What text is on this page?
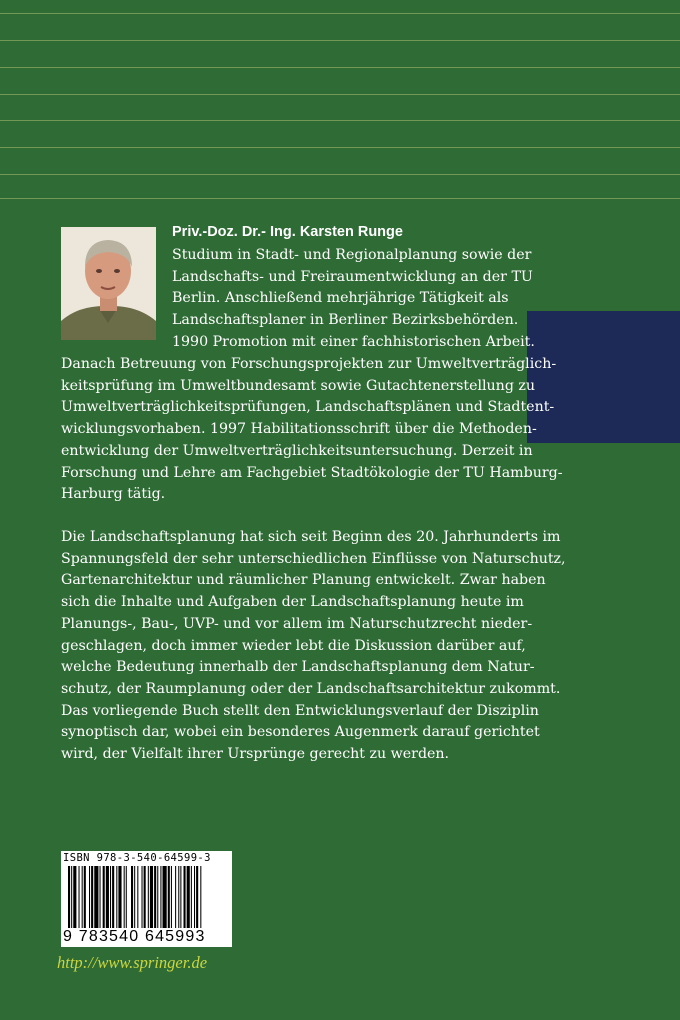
Priv.-Doz. Dr.- Ing. Karsten Runge
Studium in Stadt- und Regionalplanung sowie der
Landschafts- und Freiraumentwicklung an der TU
Berlin. Anschließend mehrjährige Tätigkeit als
Landschaftsplaner in Berliner Bezirksbehörden.
1990 Promotion mit einer fachhistorischen Arbeit.
Danach Betreuung von Forschungsprojekten zur Umweltverträglich-
keitsprüfung im Umweltbundesamt sowie Gutachtenerstellung zu
Umweltverträglichkeitsprüfungen, Landschaftsplänen und Stadtent-
wicklungsvorhaben. 1997 Habilitationsschrift über die Methoden-
entwicklung der Umweltverträglichkeitsuntersuchung. Derzeit in
Forschung und Lehre am Fachgebiet Stadtökologie der TU Hamburg-
Harburg tätig.
Die Landschaftsplanung hat sich seit Beginn des 20. Jahrhunderts im
Spannungsfeld der sehr unterschiedlichen Einflüsse von Naturschutz,
Gartenarchitektur und räumlicher Planung entwickelt. Zwar haben
sich die Inhalte und Aufgaben der Landschaftsplanung heute im
Planungs-, Bau-, UVP- und vor allem im Naturschutzrecht nieder-
geschlagen, doch immer wieder lebt die Diskussion darüber auf,
welche Bedeutung innerhalb der Landschaftsplanung dem Natur-
schutz, der Raumplanung oder der Landschaftsarchitektur zukommt.
Das vorliegende Buch stellt den Entwicklungsverlauf der Disziplin
synoptisch dar, wobei ein besonderes Augenmerk darauf gerichtet
wird, der Vielfalt ihrer Ursprünge gerecht zu werden.
ISBN 978-3-540-64599-3
9 783540 645993
http://www.springer.de
